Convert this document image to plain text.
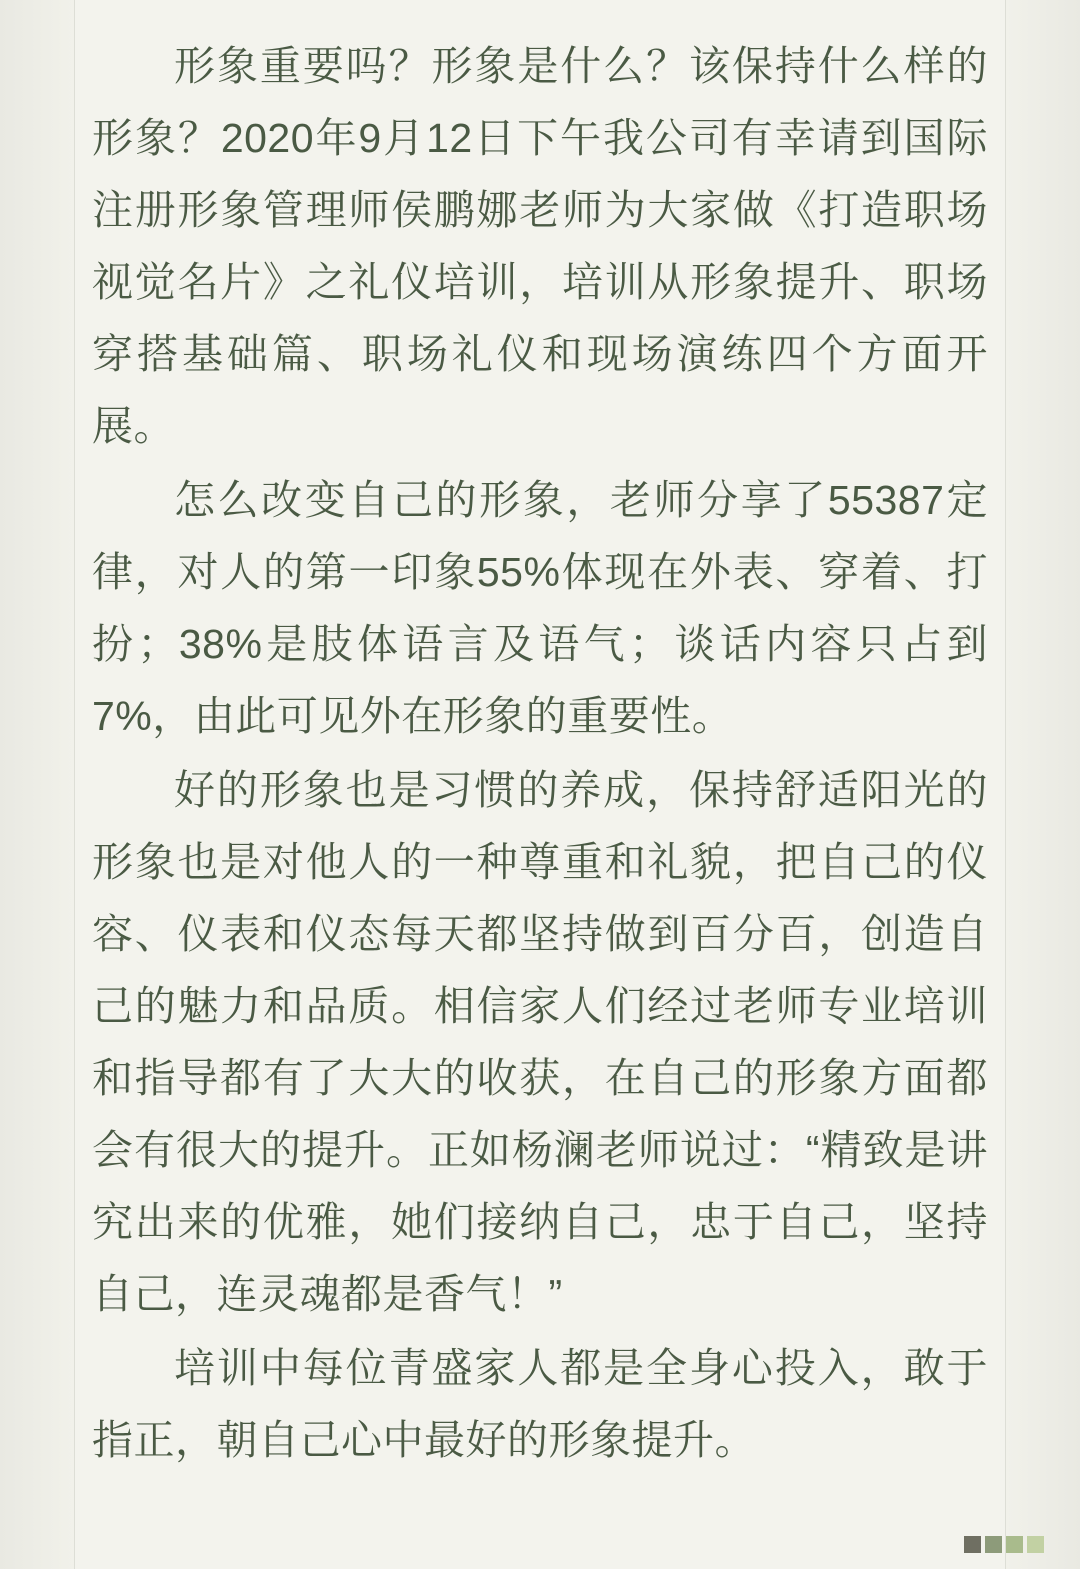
形象重要吗？形象是什么？该保持什么样的形象？2020年9月12日下午我公司有幸请到国际注册形象管理师侯鹏娜老师为大家做《打造职场视觉名片》之礼仪培训，培训从形象提升、职场穿搭基础篇、职场礼仪和现场演练四个方面开展。

怎么改变自己的形象，老师分享了55387定律，对人的第一印象55%体现在外表、穿着、打扮；38%是肢体语言及语气；谈话内容只占到7%，由此可见外在形象的重要性。

好的形象也是习惯的养成，保持舒适阳光的形象也是对他人的一种尊重和礼貌，把自己的仪容、仪表和仪态每天都坚持做到百分百，创造自己的魅力和品质。相信家人们经过老师专业培训和指导都有了大大的收获，在自己的形象方面都会有很大的提升。正如杨澜老师说过：“精致是讲究出来的优雅，她们接纳自己，忠于自己，坚持自己，连灵魂都是香气！”

培训中每位青盛家人都是全身心投入，敢于指正，朝自己心中最好的形象提升。
